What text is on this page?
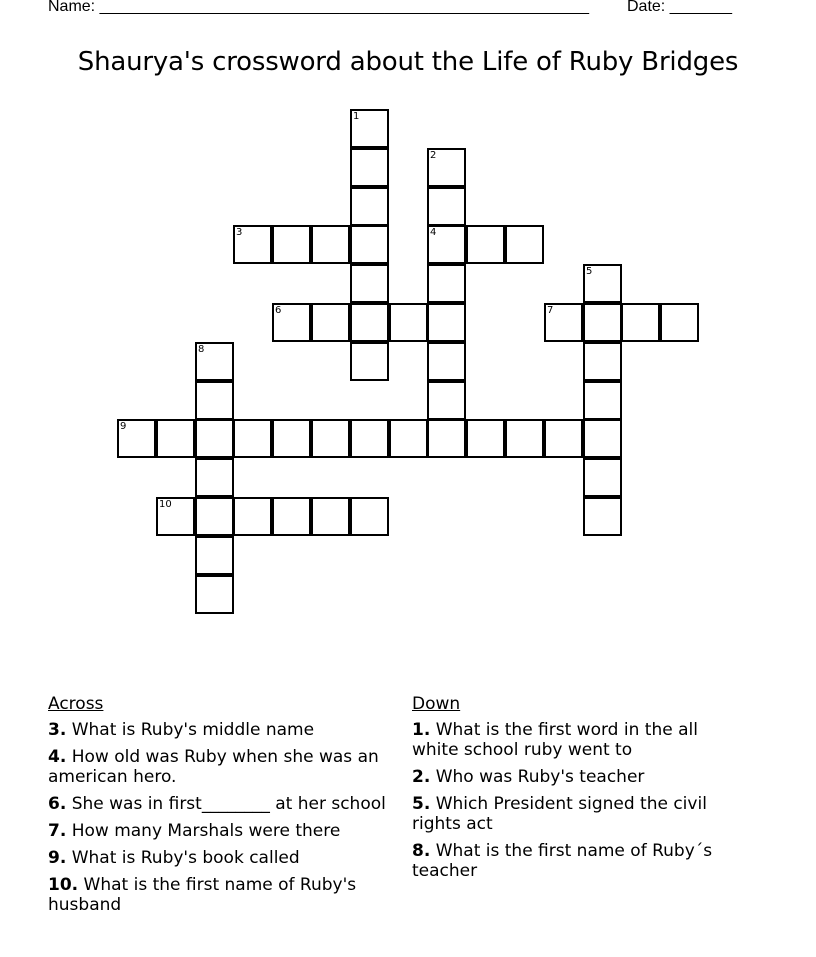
Name: _______________________________________________________ Date: _______
Shaurya's crossword about the Life of Ruby Bridges
1
2
4
3
5
6	7
8
9
10
Across
3. What is Ruby's middle name
4. How old was Ruby when she was an american hero.
6. She was in first________ at her school
7. How many Marshals were there
9. What is Ruby's book called
10. What is the first name of Ruby's husband
Down
1. What is the first word in the all white school ruby went to
2. Who was Ruby's teacher
5. Which President signed the civil rights act
8. What is the first name of Ruby´s teacher
